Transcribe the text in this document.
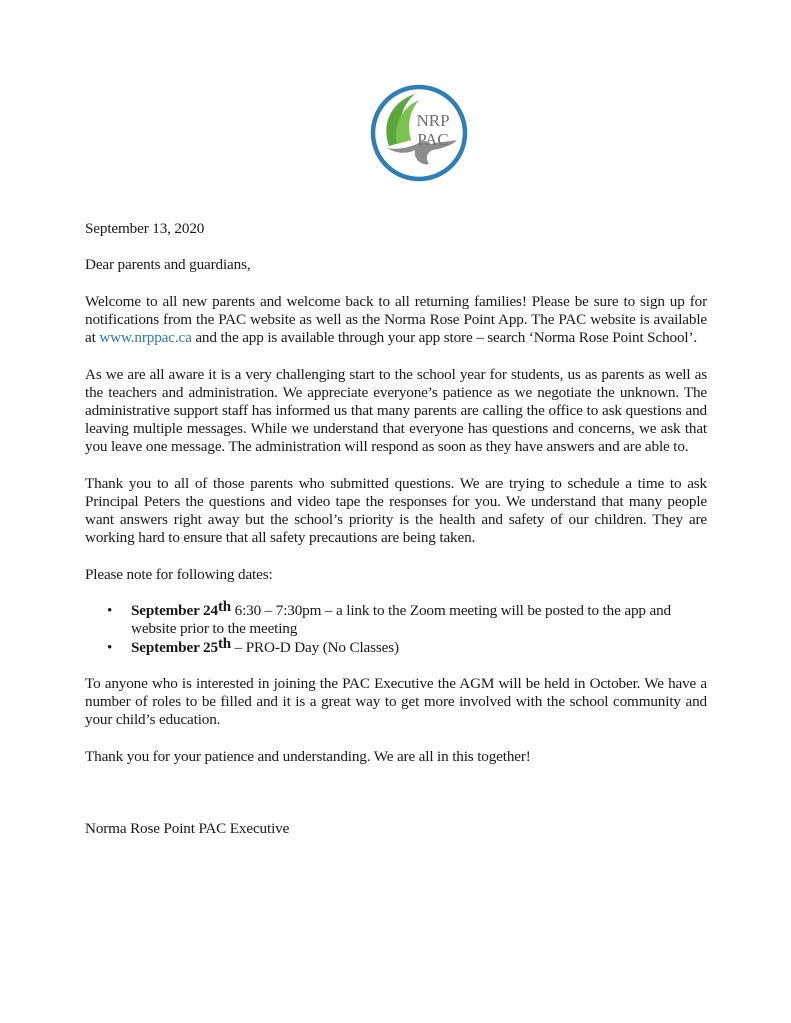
NRP
PAC

September 13, 2020

Dear parents and guardians,

Welcome to all new parents and welcome back to all returning families! Please be sure to sign up for notifications from the PAC website as well as the Norma Rose Point App. The PAC website is available at www.nrppac.ca and the app is available through your app store – search ‘Norma Rose Point School’.

As we are all aware it is a very challenging start to the school year for students, us as parents as well as the teachers and administration. We appreciate everyone’s patience as we negotiate the unknown. The administrative support staff has informed us that many parents are calling the office to ask questions and leaving multiple messages. While we understand that everyone has questions and concerns, we ask that you leave one message. The administration will respond as soon as they have answers and are able to.

Thank you to all of those parents who submitted questions. We are trying to schedule a time to ask Principal Peters the questions and video tape the responses for you. We understand that many people want answers right away but the school’s priority is the health and safety of our children. They are working hard to ensure that all safety precautions are being taken.

Please note for following dates:

• September 24th 6:30 – 7:30pm – a link to the Zoom meeting will be posted to the app and website prior to the meeting
• September 25th – PRO-D Day (No Classes)

To anyone who is interested in joining the PAC Executive the AGM will be held in October. We have a number of roles to be filled and it is a great way to get more involved with the school community and your child’s education.

Thank you for your patience and understanding. We are all in this together!

Norma Rose Point PAC Executive
